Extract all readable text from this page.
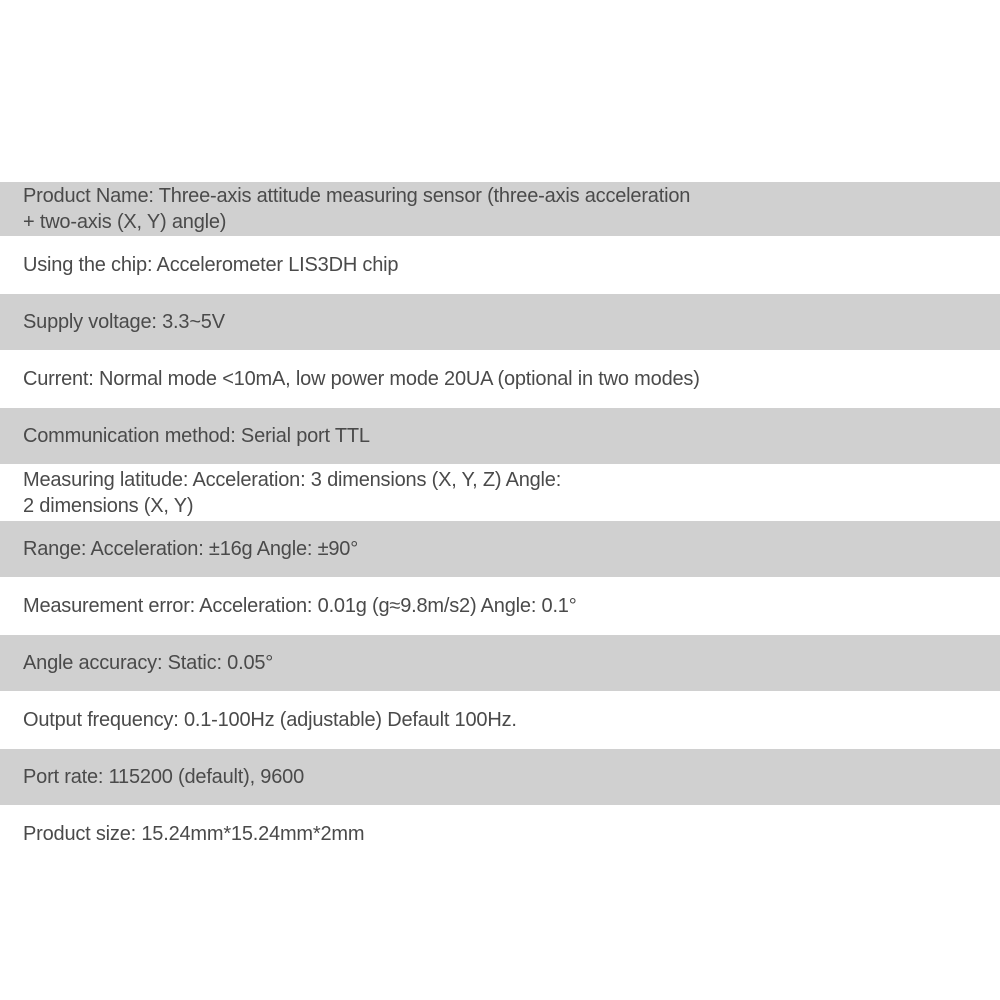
Product Name: Three-axis attitude measuring sensor (three-axis acceleration
+ two-axis (X, Y) angle)
Using the chip: Accelerometer LIS3DH chip
Supply voltage: 3.3~5V
Current: Normal mode <10mA, low power mode 20UA (optional in two modes)
Communication method: Serial port TTL
Measuring latitude: Acceleration: 3 dimensions (X, Y, Z) Angle:
2 dimensions (X, Y)
Range: Acceleration: ±16g Angle: ±90°
Measurement error: Acceleration: 0.01g (g≈9.8m/s2) Angle: 0.1°
Angle accuracy: Static: 0.05°
Output frequency: 0.1-100Hz (adjustable) Default 100Hz.
Port rate: 115200 (default), 9600
Product size: 15.24mm*15.24mm*2mm
